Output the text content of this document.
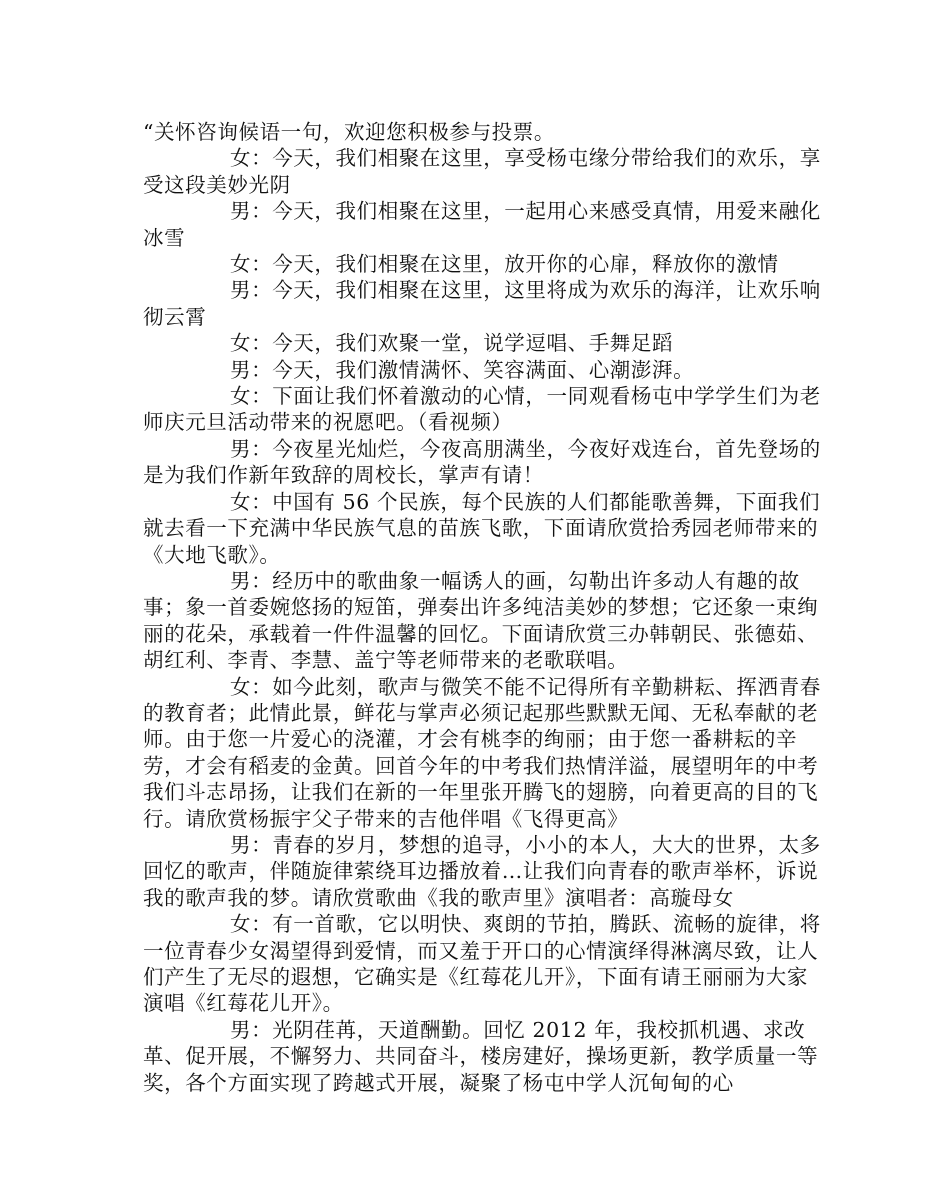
“关怀咨询候语一句，欢迎您积极参与投票。

女：今天，我们相聚在这里，享受杨屯缘分带给我们的欢乐，享受这段美妙光阴

男：今天，我们相聚在这里，一起用心来感受真情，用爱来融化冰雪

女：今天，我们相聚在这里，放开你的心扉，释放你的激情

男：今天，我们相聚在这里，这里将成为欢乐的海洋，让欢乐响彻云霄

女：今天，我们欢聚一堂，说学逗唱、手舞足蹈

男：今天，我们激情满怀、笑容满面、心潮澎湃。

女：下面让我们怀着激动的心情，一同观看杨屯中学学生们为老师庆元旦活动带来的祝愿吧。（看视频）

男：今夜星光灿烂，今夜高朋满坐，今夜好戏连台，首先登场的是为我们作新年致辞的周校长，掌声有请！

女：中国有 56 个民族，每个民族的人们都能歌善舞，下面我们就去看一下充满中华民族气息的苗族飞歌，下面请欣赏拾秀园老师带来的《大地飞歌》。

男：经历中的歌曲象一幅诱人的画，勾勒出许多动人有趣的故事；象一首委婉悠扬的短笛，弹奏出许多纯洁美妙的梦想；它还象一束绚丽的花朵，承载着一件件温馨的回忆。下面请欣赏三办韩朝民、张德茹、胡红利、李青、李慧、盖宁等老师带来的老歌联唱。

女：如今此刻，歌声与微笑不能不记得所有辛勤耕耘、挥洒青春的教育者；此情此景，鲜花与掌声必须记起那些默默无闻、无私奉献的老师。由于您一片爱心的浇灌，才会有桃李的绚丽；由于您一番耕耘的辛劳，才会有稻麦的金黄。回首今年的中考我们热情洋溢，展望明年的中考我们斗志昂扬，让我们在新的一年里张开腾飞的翅膀，向着更高的目的飞行。请欣赏杨振宇父子带来的吉他伴唱《飞得更高》

男：青春的岁月，梦想的追寻，小小的本人，大大的世界，太多回忆的歌声，伴随旋律萦绕耳边播放着…让我们向青春的歌声举杯，诉说我的歌声我的梦。请欣赏歌曲《我的歌声里》演唱者：高璇母女

女：有一首歌，它以明快、爽朗的节拍，腾跃、流畅的旋律，将一位青春少女渴望得到爱情，而又羞于开口的心情演绎得淋漓尽致，让人们产生了无尽的遐想，它确实是《红莓花儿开》，下面有请王丽丽为大家演唱《红莓花儿开》。

男：光阴荏苒，天道酬勤。回忆 2012 年，我校抓机遇、求改革、促开展，不懈努力、共同奋斗，楼房建好，操场更新，教学质量一等奖，各个方面实现了跨越式开展，凝聚了杨屯中学人沉甸甸的心
